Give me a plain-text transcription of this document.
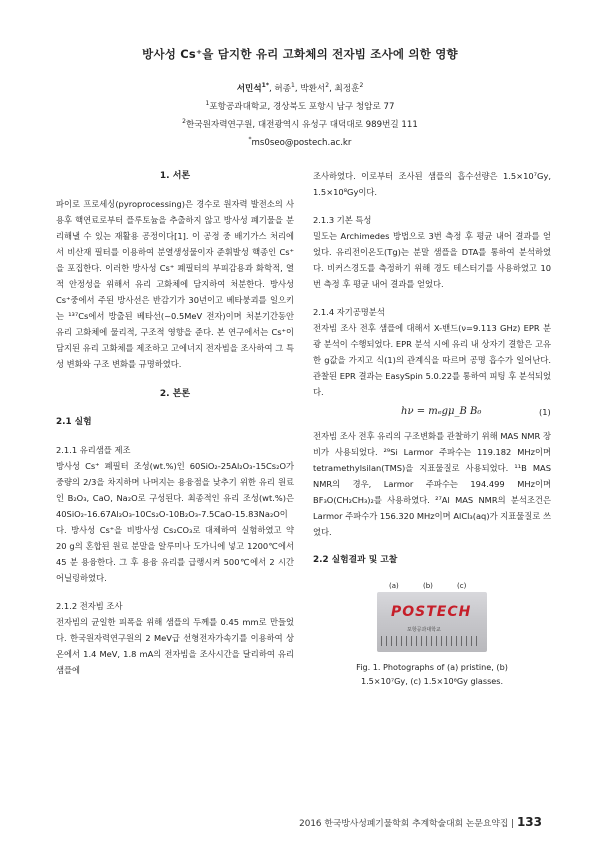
방사성 Cs⁺을 담지한 유리 고화체의 전자빔 조사에 의한 영향
서민석$^{1*}$, 허종$^1$, 박환서$^2$, 최정훈$^2$
$^1$포항공과대학교, 경상북도 포항시 남구 청암로 77
$^2$한국원자력연구원, 대전광역시 유성구 대덕대로 989번길 111
*ms0seo@postech.ac.kr

1. 서론

파이로 프로세싱(pyroprocessing)은 경수로 원자력 발전소의 사용후 핵연료로부터 플루토늄을 추출하지 않고 방사성 폐기물을 분리해낼 수 있는 재활용 공정이다[1]. 이 공정 중 배기가스 처리에서 비산재 필터를 이용하여 분열생성물이자 준휘발성 핵종인 Cs⁺을 포집한다. 이러한 방사성 Cs⁺ 폐필터의 부피감용과 화학적, 열적 안정성을 위해서 유리 고화체에 담지하여 처분한다. 방사성 Cs⁺중에서 주된 방사선은 반감기가 30년이고 베타붕괴를 일으키는 ¹³⁷Cs에서 방출된 베타선(~0.5MeV 전자)이며 처분기간동안 유리 고화체에 물리적, 구조적 영향을 준다. 본 연구에서는 Cs⁺이 담지된 유리 고화체를 제조하고 고에너지 전자빔을 조사하여 그 특성 변화와 구조 변화를 규명하였다.

2. 본론

2.1 실험

2.1.1 유리샘플 제조

방사성 Cs⁺ 폐필터 조성(wt.%)인 60SiO₂-25Al₂O₃-15Cs₂O가 중량의 2/3을 차지하며 나머지는 용융점을 낮추기 위한 유리 원료인 B₂O₃, CaO, Na₂O로 구성된다. 최종적인 유리 조성(wt.%)은 40SiO₂-16.67Al₂O₃-10Cs₂O-10B₂O₃-7.5CaO-15.83Na₂O이다. 방사성 Cs⁺을 비방사성 Cs₂CO₃로 대체하여 실험하였고 약 20 g의 혼합된 원료 분말을 알루미나 도가니에 넣고 1200℃에서 45 분 용융한다. 그 후 용융 유리를 급랭시켜 500℃에서 2 시간 어닐링하였다.

2.1.2 전자빔 조사

전자빔의 균일한 피폭을 위해 샘플의 두께를 0.45 mm로 만들었다. 한국원자력연구원의 2 MeV급 선형전자가속기를 이용하여 상온에서 1.4 MeV, 1.8 mA의 전자빔을 조사시간을 달리하여 유리 샘플에

조사하였다. 이로부터 조사된 샘플의 흡수선량은 1.5×10⁷Gy, 1.5×10⁸Gy이다.

2.1.3 기본 특성

밀도는 Archimedes 방법으로 3번 측정 후 평균 내어 결과를 얻었다. 유리전이온도(Tg)는 분말 샘플을 DTA를 통하여 분석하였다. 비커스경도를 측정하기 위해 경도 테스터기를 사용하였고 10번 측정 후 평균 내어 결과를 얻었다.

2.1.4 자기공명분석

전자빔 조사 전후 샘플에 대해서 X-밴드(ν=9.113 GHz) EPR 분광 분석이 수행되었다. EPR 분석 시에 유리 내 상자기 결함은 고유한 g값을 가지고 식(1)의 관계식을 따르며 공명 흡수가 일어난다. 관찰된 EPR 결과는 EasySpin 5.0.22를 통하여 피팅 후 분석되었다.

hν = mₑgμ_B B₀	(1)

전자빔 조사 전후 유리의 구조변화를 관찰하기 위해 MAS NMR 장비가 사용되었다. ²⁹Si Larmor 주파수는 119.182 MHz이며 tetramethylsilan(TMS)을 지표물질로 사용되었다. ¹¹B MAS NMR의 경우, Larmor 주파수는 194.499 MHz이며 BF₃O(CH₂CH₃)₂를 사용하였다. ²⁷Al MAS NMR의 분석조건은 Larmor 주파수가 156.320 MHz이며 AlCl₃(aq)가 지표물질로 쓰였다.

2.2 실험결과 및 고찰

(a)	(b)	(c)
POSTECH
포항공과대학교
Fig. 1. Photographs of (a) pristine, (b)
1.5×10⁷Gy, (c) 1.5×10⁸Gy glasses.
2016 한국방사성폐기물학회 추계학술대회 논문요약집 | 133
